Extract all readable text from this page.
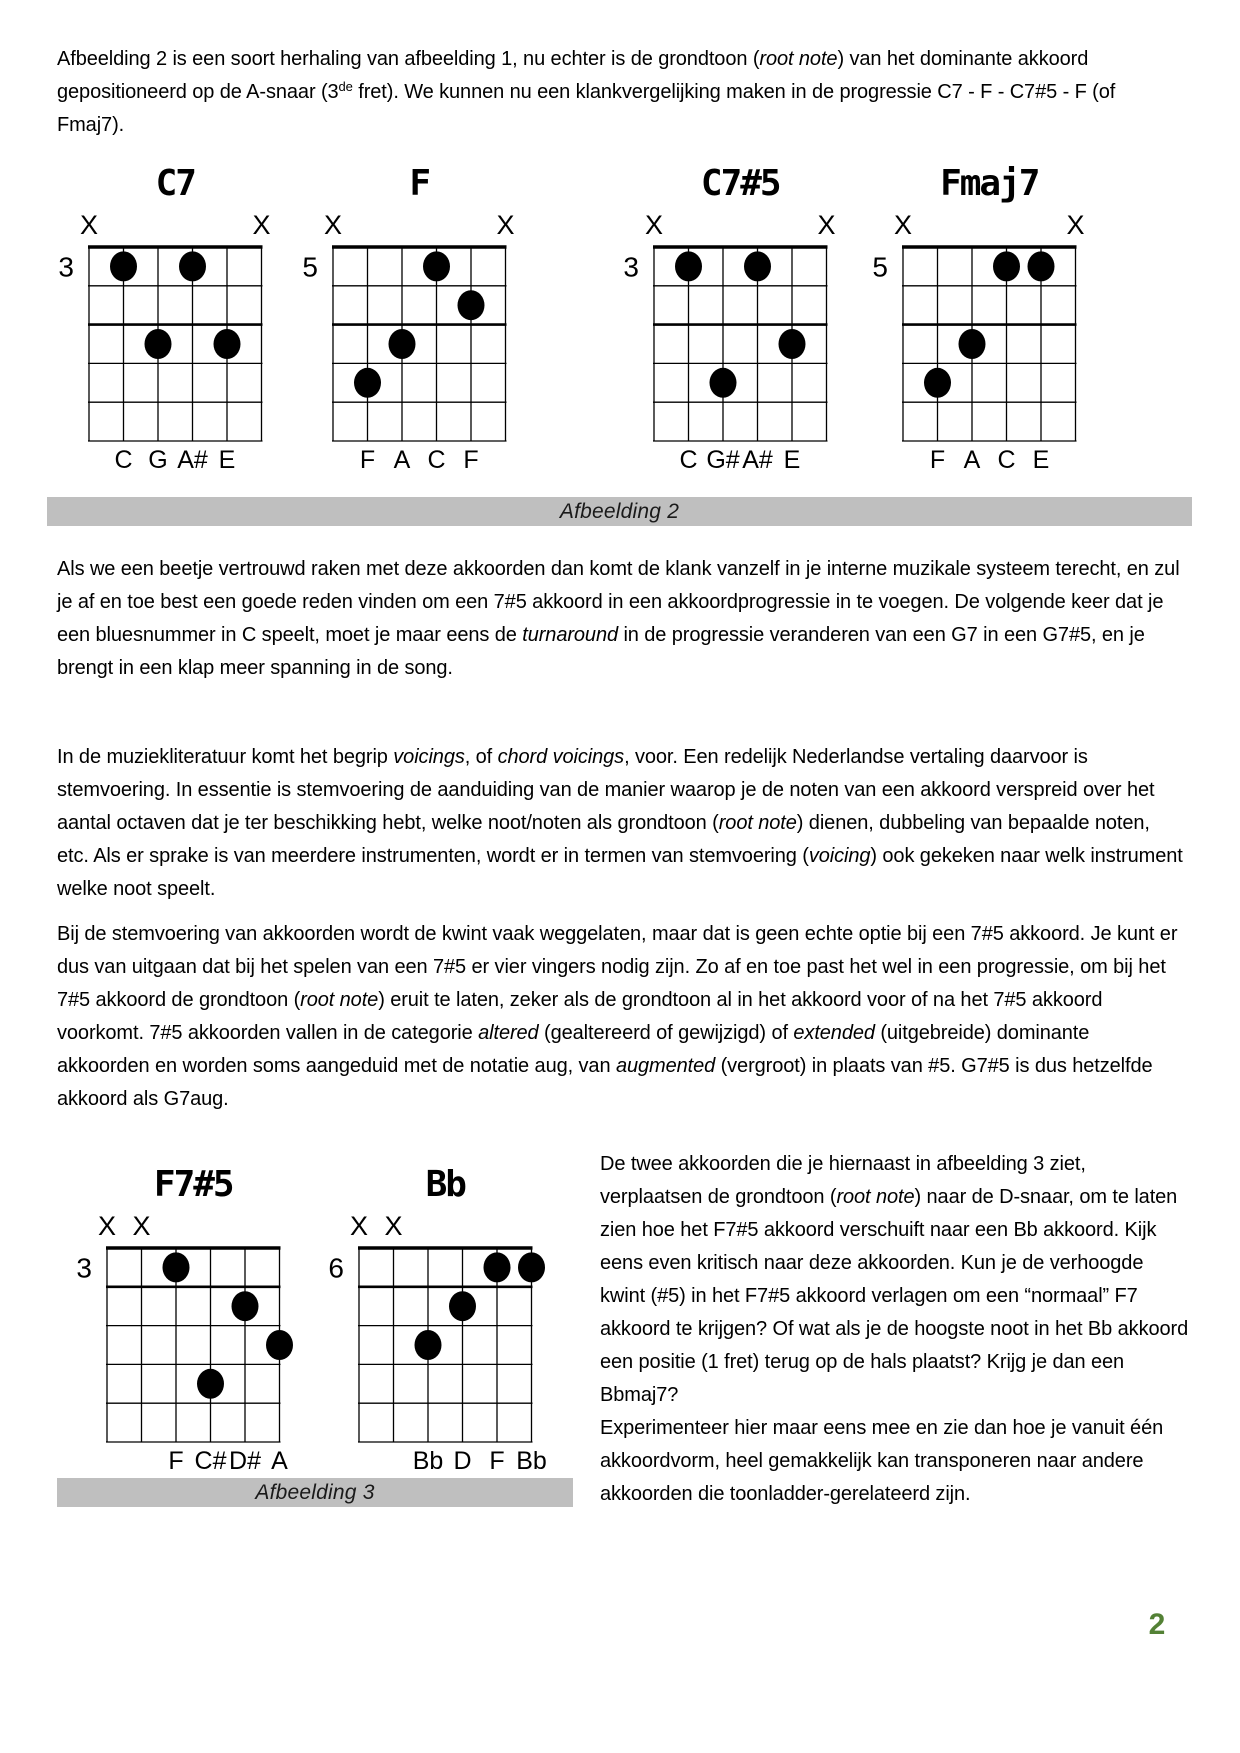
Afbeelding 2 is een soort herhaling van afbeelding 1, nu echter is de grondtoon (root note) van het dominante akkoord gepositioneerd op de A-snaar (3de fret). We kunnen nu een klankvergelijking maken in de progressie C7 - F - C7#5 - F (of Fmaj7).

C7
X	X
3
C G A# E
F
X	X
5
F A C F
C7#5
X	X
3
C G# A# E
Fmaj7
X	X
5
F A C E
Afbeelding 2

Als we een beetje vertrouwd raken met deze akkoorden dan komt de klank vanzelf in je interne muzikale systeem terecht, en zul je af en toe best een goede reden vinden om een 7#5 akkoord in een akkoordprogressie in te voegen. De volgende keer dat je een bluesnummer in C speelt, moet je maar eens de turnaround in de progressie veranderen van een G7 in een G7#5, en je brengt in een klap meer spanning in de song.

In de muziekliteratuur komt het begrip voicings, of chord voicings, voor. Een redelijk Nederlandse vertaling daarvoor is stemvoering. In essentie is stemvoering de aanduiding van de manier waarop je de noten van een akkoord verspreid over het aantal octaven dat je ter beschikking hebt, welke noot/noten als grondtoon (root note) dienen, dubbeling van bepaalde noten, etc. Als er sprake is van meerdere instrumenten, wordt er in termen van stemvoering (voicing) ook gekeken naar welk instrument welke noot speelt.

Bij de stemvoering van akkoorden wordt de kwint vaak weggelaten, maar dat is geen echte optie bij een 7#5 akkoord. Je kunt er dus van uitgaan dat bij het spelen van een 7#5 er vier vingers nodig zijn. Zo af en toe past het wel in een progressie, om bij het 7#5 akkoord de grondtoon (root note) eruit te laten, zeker als de grondtoon al in het akkoord voor of na het 7#5 akkoord voorkomt. 7#5 akkoorden vallen in de categorie altered (gealtereerd of gewijzigd) of extended (uitgebreide) dominante akkoorden en worden soms aangeduid met de notatie aug, van augmented (vergroot) in plaats van #5. G7#5 is dus hetzelfde akkoord als G7aug.

F7#5
X X
3
F C# D# A
Bb
X X
6
Bb D F Bb
Afbeelding 3

De twee akkoorden die je hiernaast in afbeelding 3 ziet, verplaatsen de grondtoon (root note) naar de D-snaar, om te laten zien hoe het F7#5 akkoord verschuift naar een Bb akkoord. Kijk eens even kritisch naar deze akkoorden. Kun je de verhoogde kwint (#5) in het F7#5 akkoord verlagen om een “normaal” F7 akkoord te krijgen? Of wat als je de hoogste noot in het Bb akkoord een positie (1 fret) terug op de hals plaatst? Krijg je dan een Bbmaj7?
Experimenteer hier maar eens mee en zie dan hoe je vanuit één akkoordvorm, heel gemakkelijk kan transponeren naar andere akkoorden die toonladder-gerelateerd zijn.

2
